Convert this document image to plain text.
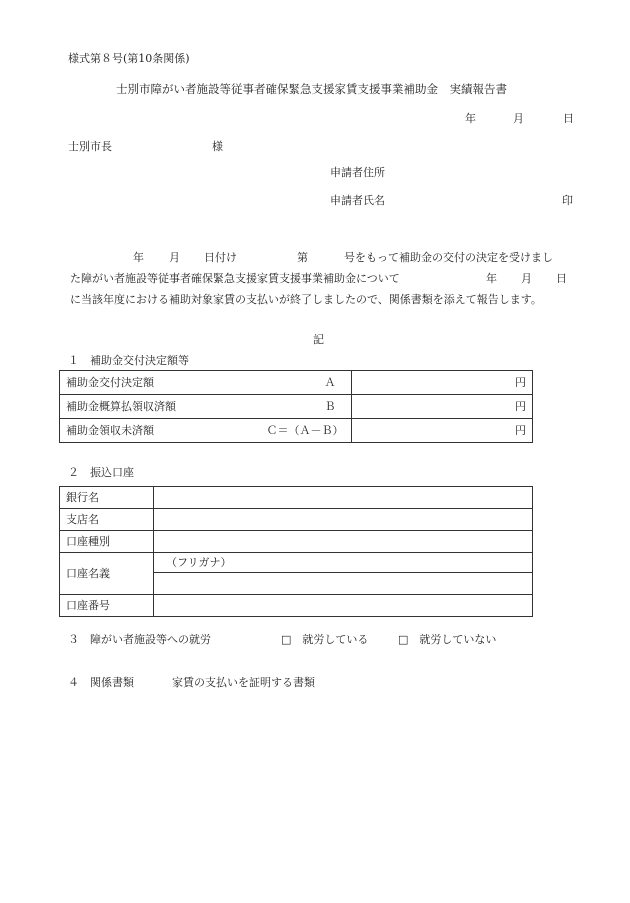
様式第８号(第10条関係)
士別市障がい者施設等従事者確保緊急支援家賃支援事業補助金　実績報告書
年	月	日
士別市長	様
申請者住所
申請者氏名	印
年 月 日付け	第	号をもって補助金の交付の決定を受けまし
た障がい者施設等従事者確保緊急支援家賃支援事業補助金について	年 月 日
に当該年度における補助対象家賃の支払いが終了しましたので、関係書類を添えて報告します。
記
１　補助金交付決定額等
補助金交付決定額 Ａ	円
補助金概算払領収済額 Ｂ	円
補助金領収未済額 Ｃ＝（Ａ－Ｂ）	円
２　振込口座
銀行名	
支店名	
口座種別	
口座名義	（フリガナ）

口座番号	
３　障がい者施設等への就労	□　就労している	□　就労していない
４　関係書類	家賃の支払いを証明する書類
